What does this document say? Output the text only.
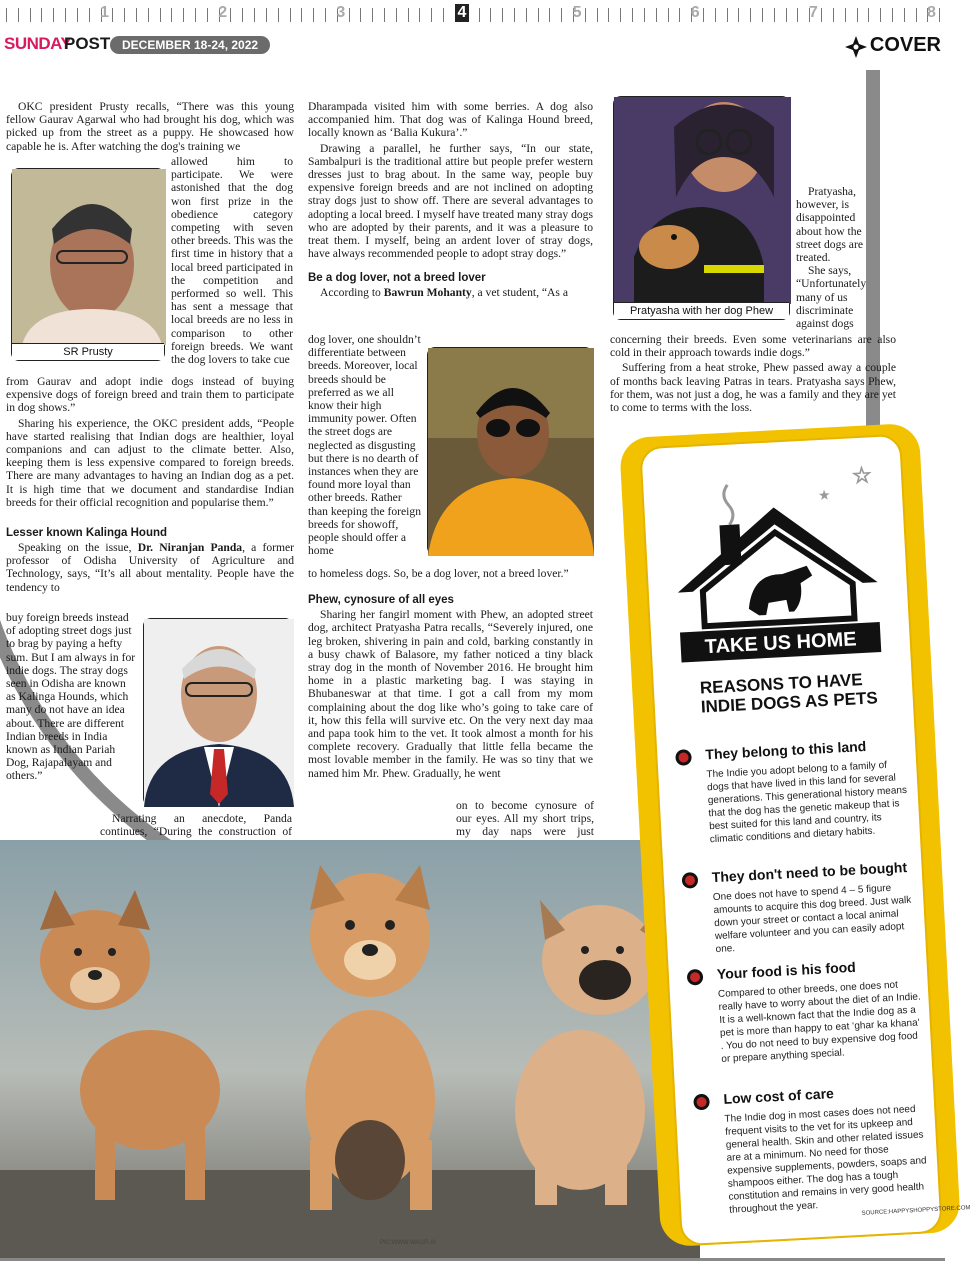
1	2	3	4	5	6	7	8
SUNDAY
POST DECEMBER 18-24, 2022	COVER

OKC president Prusty recalls, “There was this young fellow Gaurav Agarwal who had brought his dog, which was picked up from the street as a puppy. He showcased how capable he is. After watching the dog's training we

SR Prusty

allowed him to participate. We were astonished that the dog won first prize in the obedience category competing with seven other breeds. This was the first time in history that a local breed participated in the competition and performed so well. This has sent a message that local breeds are no less in comparison to other foreign breeds. We want the dog lovers to take cue

from Gaurav and adopt indie dogs instead of buying expensive dogs of foreign breed and train them to participate in dog shows.”

Sharing his experience, the OKC president adds, “People have started realising that Indian dogs are healthier, loyal companions and can adjust to the climate better. Also, keeping them is less expensive compared to foreign breeds. There are many advantages to having an Indian dog as a pet. It is high time that we document and standardise Indian breeds for their official recognition and popularise them.”

Lesser known Kalinga Hound

Speaking on the issue, Dr. Niranjan Panda, a former professor of Odisha University of Agriculture and Technology, says, “It’s all about mentality. People have the tendency to

buy foreign breeds instead of adopting street dogs just to brag by paying a hefty sum. But I am always in for indie dogs. The stray dogs seen in Odisha are known as Kalinga Hounds, which many do not have an idea about. There are different Indian breeds in India known as Indian Pariah Dog, Rajapalayam and others.”

Narrating an anecdote, Panda continues, “During the construction of

Dharampada visited him with some berries. A dog also accompanied him. That dog was of Kalinga Hound breed, locally known as ‘Balia Kukura’.”

Drawing a parallel, he further says, “In our state, Sambalpuri is the traditional attire but people prefer western dresses just to brag about. In the same way, people buy expensive foreign breeds and are not inclined on adopting stray dogs just to show off. There are several advantages to adopting a local breed. I myself have treated many stray dogs who are adopted by their parents, and it was a pleasure to treat them. I myself, being an ardent lover of stray dogs, have always recommended people to adopt stray dogs.”

Be a dog lover, not a breed lover

According to Bawrun Mohanty, a vet student, “As a

dog lover, one shouldn’t differentiate between breeds. Moreover, local breeds should be preferred as we all know their high immunity power. Often the street dogs are neglected as disgusting but there is no dearth of instances when they are found more loyal than other breeds. Rather than keeping the foreign breeds for showoff, people should offer a home

to homeless dogs. So, be a dog lover, not a breed lover.”

Phew, cynosure of all eyes

Sharing her fangirl moment with Phew, an adopted street dog, architect Pratyasha Patra recalls, “Severely injured, one leg broken, shivering in pain and cold, barking constantly in a busy chawk of Balasore, my father noticed a tiny black stray dog in the month of November 2016. He brought him home in a plastic marketing bag. I was staying in Bhubaneswar at that time. I got a call from my mom complaining about the dog like who’s going to take care of it, how this fella will survive etc. On the very next day maa and papa took him to the vet. It took almost a month for his complete recovery. Gradually that little fella became the most lovable member in the family. He was so tiny that we named him Mr. Phew. Gradually, he went

on to become cynosure of our eyes. All my short trips, my day naps were just

Pratyasha with her dog Phew

Pratyasha, however, is disappointed about how the street dogs are treated.

She says, “Unfortunately many of us discriminate against dogs

concerning their breeds. Even some veterinarians are also cold in their approach towards indie dogs.”

Suffering from a heat stroke, Phew passed away a couple of months back leaving Patras in tears. Pratyasha says Phew, for them, was not just a dog, he was a family and they are yet to come to terms with the loss.

PIC:WWW.WAGR.AI
TAKE US HOME
★
☆
REASONS TO HAVE INDIE DOGS AS PETS
They belong to this land
The Indie you adopt belong to a family of dogs that have lived in this land for several generations. This generational history means that the dog has the genetic makeup that is best suited for this land and country, its climatic conditions and dietary habits.
They don't need to be bought
One does not have to spend 4 – 5 figure amounts to acquire this dog breed. Just walk down your street or contact a local animal welfare volunteer and you can easily adopt one.
Your food is his food
Compared to other breeds, one does not really have to worry about the diet of an Indie. It is a well-known fact that the Indie dog as a pet is more than happy to eat ‘ghar ka khana’ . You do not need to buy expensive dog food or prepare anything special.
Low cost of care
The Indie dog in most cases does not need frequent visits to the vet for its upkeep and general health. Skin and other related issues are at a minimum. No need for those expensive supplements, powders, soaps and shampoos either. The dog has a tough constitution and remains in very good health throughout the year.	SOURCE:HAPPYSHOPPYSTORE.COM
